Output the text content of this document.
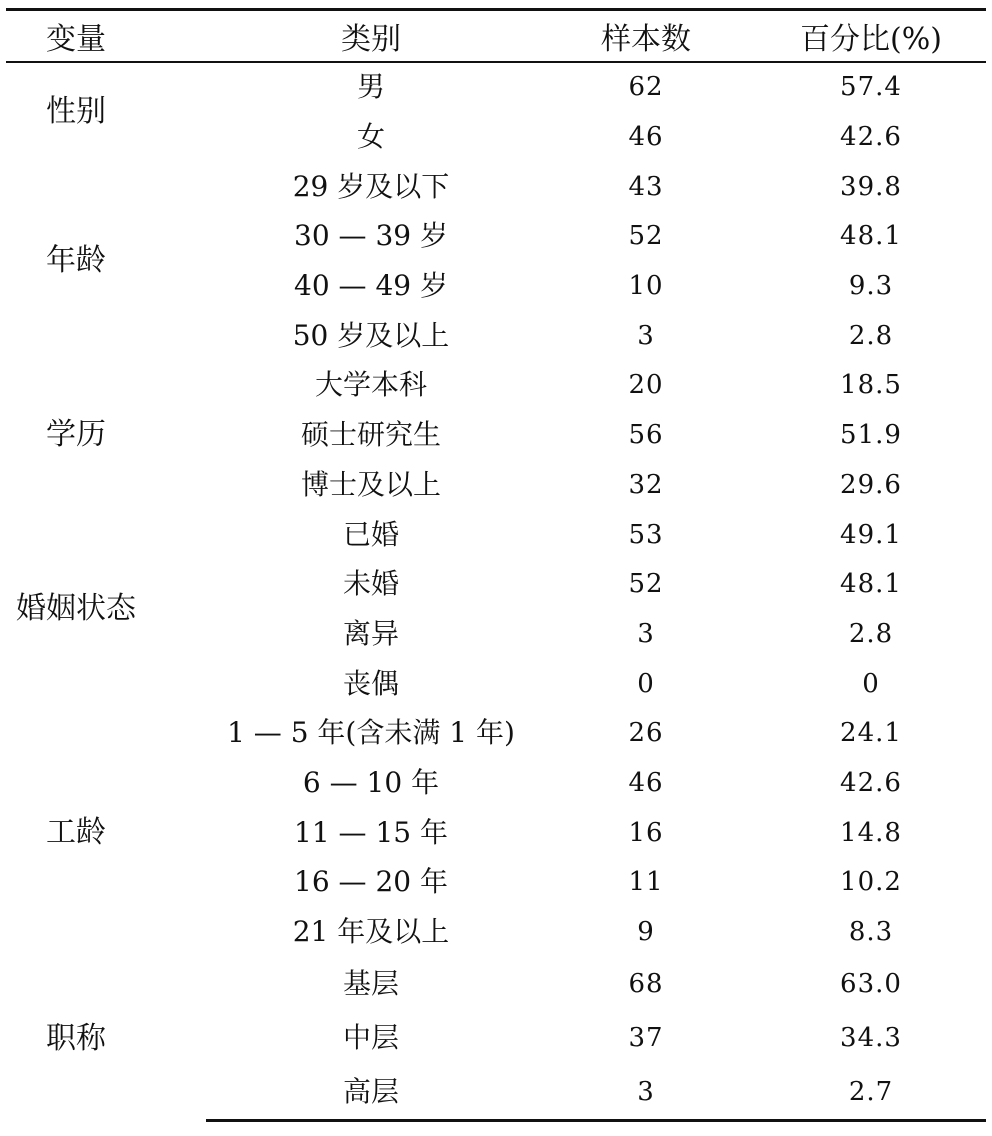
变量	类别	样本数	百分比(%)
性别	男	62	57.4
	女	46	42.6
年龄	29 岁及以下	43	39.8
	30 — 39 岁	52	48.1
	40 — 49 岁	10	9.3
	50 岁及以上	3	2.8
学历	大学本科	20	18.5
	硕士研究生	56	51.9
	博士及以上	32	29.6
婚姻状态	已婚	53	49.1
	未婚	52	48.1
	离异	3	2.8
	丧偶	0	0
工龄	1 — 5 年(含未满 1 年)	26	24.1
	6 — 10 年	46	42.6
	11 — 15 年	16	14.8
	16 — 20 年	11	10.2
	21 年及以上	9	8.3
职称	基层	68	63.0
	中层	37	34.3
	高层	3	2.7
